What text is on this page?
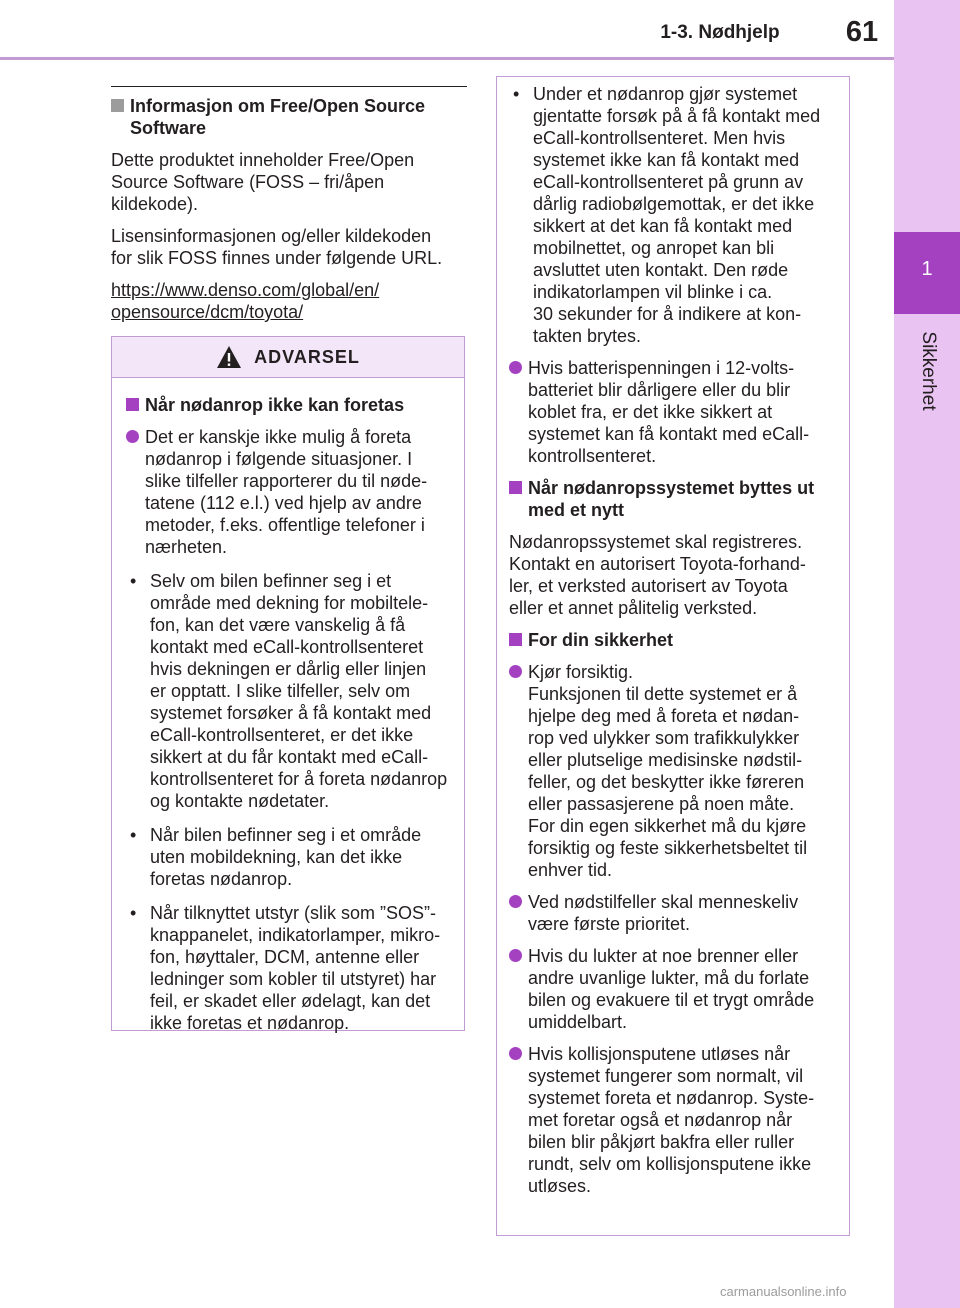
1-3. Nødhjelp	61
1
Sikkerhet
Informasjon om Free/Open Source
Software
Dette produktet inneholder Free/Open
Source Software (FOSS – fri/åpen
kildekode).
Lisensinformasjonen og/eller kildekoden
for slik FOSS finnes under følgende URL.
https://www.denso.com/global/en/
opensource/dcm/toyota/
ADVARSEL
Når nødanrop ikke kan foretas
Det er kanskje ikke mulig å foreta
nødanrop i følgende situasjoner. I
slike tilfeller rapporterer du til nøde-
tatene (112 e.l.) ved hjelp av andre
metoder, f.eks. offentlige telefoner i
nærheten.
• Selv om bilen befinner seg i et
område med dekning for mobiltele-
fon, kan det være vanskelig å få
kontakt med eCall-kontrollsenteret
hvis dekningen er dårlig eller linjen
er opptatt. I slike tilfeller, selv om
systemet forsøker å få kontakt med
eCall-kontrollsenteret, er det ikke
sikkert at du får kontakt med eCall-
kontrollsenteret for å foreta nødanrop
og kontakte nødetater.
• Når bilen befinner seg i et område
uten mobildekning, kan det ikke
foretas nødanrop.
• Når tilknyttet utstyr (slik som ”SOS”-
knappanelet, indikatorlamper, mikro-
fon, høyttaler, DCM, antenne eller
ledninger som kobler til utstyret) har
feil, er skadet eller ødelagt, kan det
ikke foretas et nødanrop.
• Under et nødanrop gjør systemet
gjentatte forsøk på å få kontakt med
eCall-kontrollsenteret. Men hvis
systemet ikke kan få kontakt med
eCall-kontrollsenteret på grunn av
dårlig radiobølgemottak, er det ikke
sikkert at det kan få kontakt med
mobilnettet, og anropet kan bli
avsluttet uten kontakt. Den røde
indikatorlampen vil blinke i ca.
30 sekunder for å indikere at kon-
takten brytes.
Hvis batterispenningen i 12-volts-
batteriet blir dårligere eller du blir
koblet fra, er det ikke sikkert at
systemet kan få kontakt med eCall-
kontrollsenteret.
Når nødanropssystemet byttes ut
med et nytt
Nødanropssystemet skal registreres.
Kontakt en autorisert Toyota-forhand-
ler, et verksted autorisert av Toyota
eller et annet pålitelig verksted.
For din sikkerhet
Kjør forsiktig.
Funksjonen til dette systemet er å
hjelpe deg med å foreta et nødan-
rop ved ulykker som trafikkulykker
eller plutselige medisinske nødstil-
feller, og det beskytter ikke føreren
eller passasjerene på noen måte.
For din egen sikkerhet må du kjøre
forsiktig og feste sikkerhetsbeltet til
enhver tid.
Ved nødstilfeller skal menneskeliv
være første prioritet.
Hvis du lukter at noe brenner eller
andre uvanlige lukter, må du forlate
bilen og evakuere til et trygt område
umiddelbart.
Hvis kollisjonsputene utløses når
systemet fungerer som normalt, vil
systemet foreta et nødanrop. Syste-
met foretar også et nødanrop når
bilen blir påkjørt bakfra eller ruller
rundt, selv om kollisjonsputene ikke
utløses.
carmanualsonline.info
